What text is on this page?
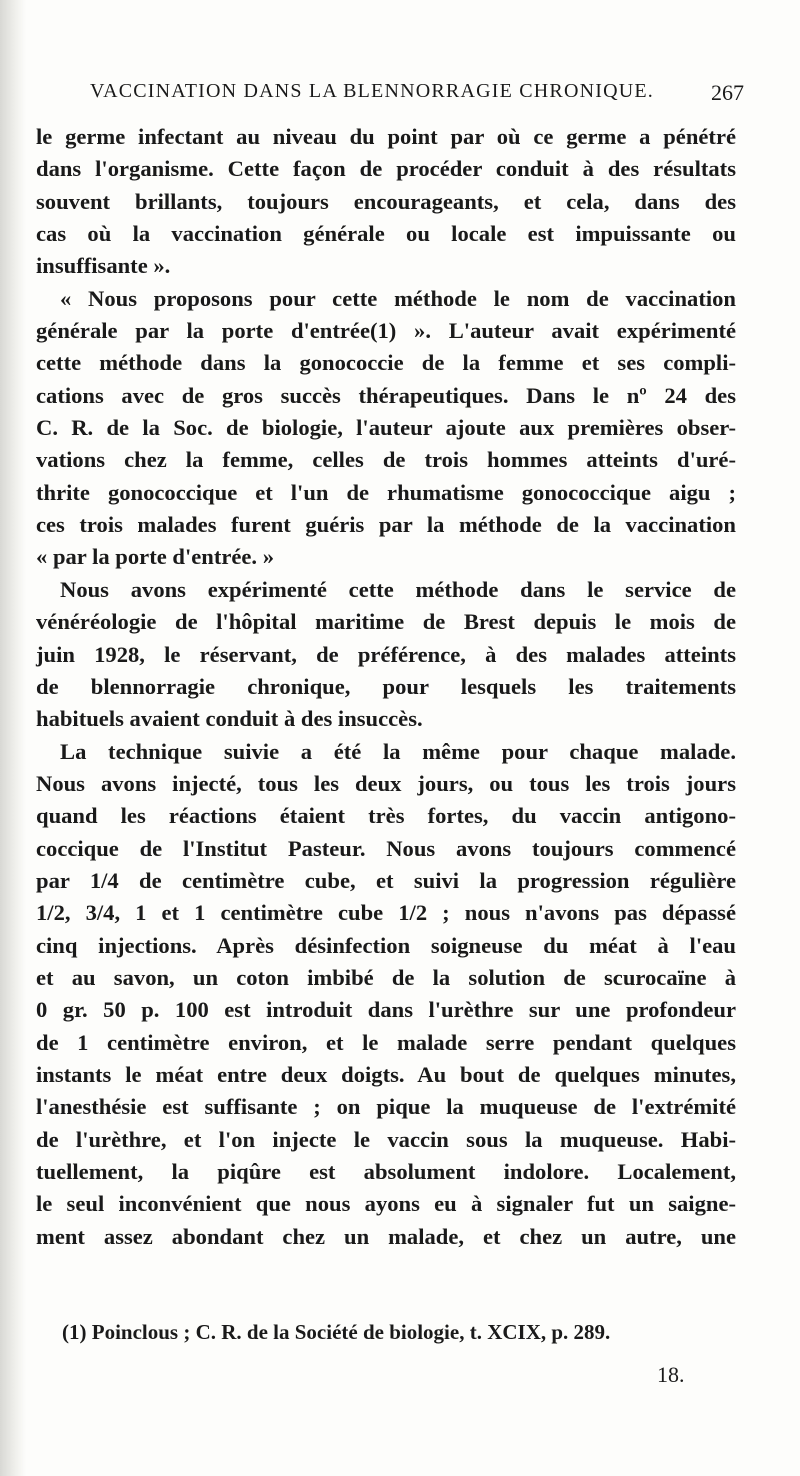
VACCINATION DANS LA BLENNORRAGIE CHRONIQUE.	267
le germe infectant au niveau du point par où ce germe a pénétré
dans l'organisme. Cette façon de procéder conduit à des résultats
souvent brillants, toujours encourageants, et cela, dans des
cas où la vaccination générale ou locale est impuissante ou
insuffisante ».
« Nous proposons pour cette méthode le nom de vaccination
générale par la porte d'entrée(1) ». L'auteur avait expérimenté
cette méthode dans la gonococcie de la femme et ses compli-
cations avec de gros succès thérapeutiques. Dans le nº 24 des
C. R. de la Soc. de biologie, l'auteur ajoute aux premières obser-
vations chez la femme, celles de trois hommes atteints d'uré-
thrite gonococcique et l'un de rhumatisme gonococcique aigu ;
ces trois malades furent guéris par la méthode de la vaccination
« par la porte d'entrée. »
Nous avons expérimenté cette méthode dans le service de
vénéréologie de l'hôpital maritime de Brest depuis le mois de
juin 1928, le réservant, de préférence, à des malades atteints
de blennorragie chronique, pour lesquels les traitements
habituels avaient conduit à des insuccès.
La technique suivie a été la même pour chaque malade.
Nous avons injecté, tous les deux jours, ou tous les trois jours
quand les réactions étaient très fortes, du vaccin antigono-
coccique de l'Institut Pasteur. Nous avons toujours commencé
par 1/4 de centimètre cube, et suivi la progression régulière
1/2, 3/4, 1 et 1 centimètre cube 1/2 ; nous n'avons pas dépassé
cinq injections. Après désinfection soigneuse du méat à l'eau
et au savon, un coton imbibé de la solution de scurocaïne à
0 gr. 50 p. 100 est introduit dans l'urèthre sur une profondeur
de 1 centimètre environ, et le malade serre pendant quelques
instants le méat entre deux doigts. Au bout de quelques minutes,
l'anesthésie est suffisante ; on pique la muqueuse de l'extrémité
de l'urèthre, et l'on injecte le vaccin sous la muqueuse. Habi-
tuellement, la piqûre est absolument indolore. Localement,
le seul inconvénient que nous ayons eu à signaler fut un saigne-
ment assez abondant chez un malade, et chez un autre, une
(1) Poinclous ; C. R. de la Société de biologie, t. XCIX, p. 289.
18.
